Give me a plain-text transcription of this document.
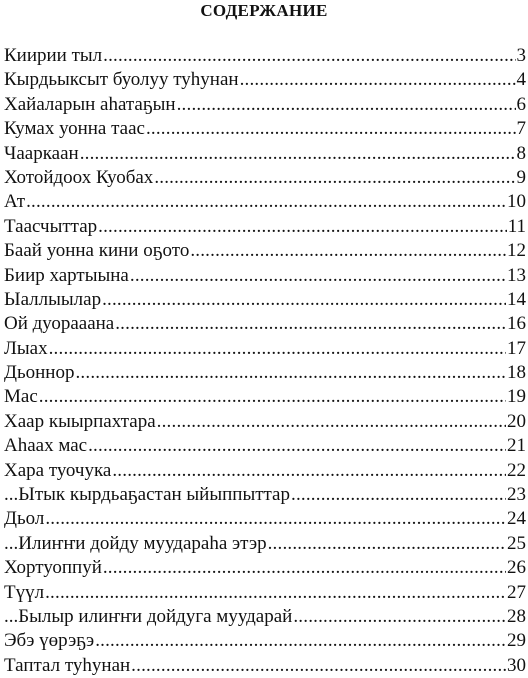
СОДЕРЖАНИЕ
Киирии тыл .....	3
Кырдьыксыт буолуу туһунан .....	4
Хайаларын аһатаҕын .....	6
Кумах уонна таас .....	7
Чааркаан .....	8
Хотойдоох Куобах .....	9
Ат .....	10
Таасчыттар .....	11
Баай уонна кини оҕото .....	12
Биир хартыына .....	13
Ыаллыылар .....	14
Ой дуорааана .....	16
Лыах .....	17
Дьоннор .....	18
Мас .....	19
Хаар кыырпахтара .....	20
Аһаах мас .....	21
Хара туочука .....	22
...Ытык кырдьаҕастан ыйыппыттар .....	23
Дьол .....	24
...Илиҥҥи дойду муудараһа этэр .....	25
Хортуоппуй .....	26
Түүл .....	27
...Былыр илиҥҥи дойдуга муударай .....	28
Эбэ үөрэҕэ .....	29
Таптал туһунан .....	30
